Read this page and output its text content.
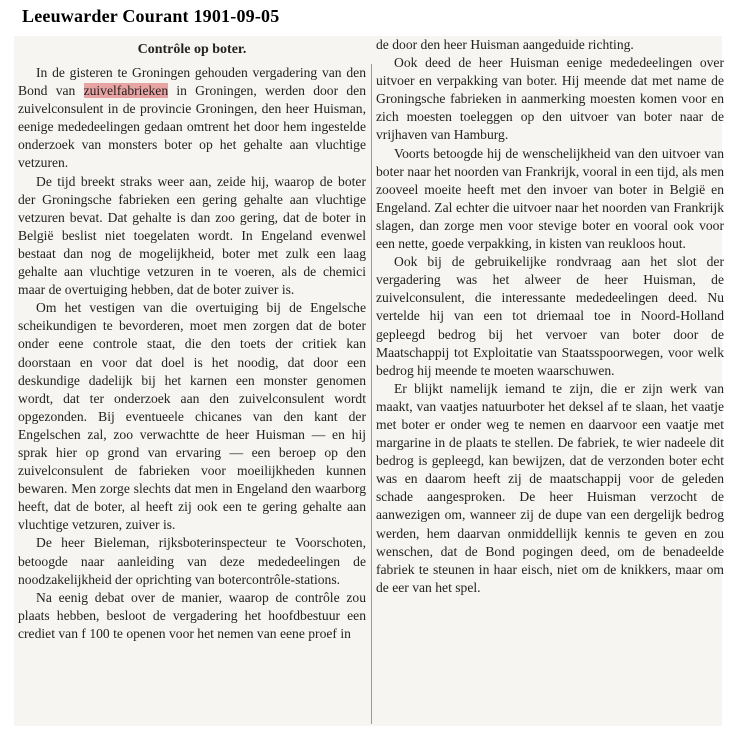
Leeuwarder Courant 1901-09-05
Contrôle op boter.

In de gisteren te Groningen gehouden vergadering van den Bond van zuivelfabrieken in Groningen, werden door den zuivelconsulent in de provincie Groningen, den heer Huisman, eenige mededeelingen gedaan omtrent het door hem ingestelde onderzoek van monsters boter op het gehalte aan vluchtige vetzuren.

De tijd breekt straks weer aan, zeide hij, waarop de boter der Groningsche fabrieken een gering gehalte aan vluchtige vetzuren bevat. Dat gehalte is dan zoo gering, dat de boter in België beslist niet toegelaten wordt. In Engeland evenwel bestaat dan nog de mogelijkheid, boter met zulk een laag gehalte aan vluchtige vetzuren in te voeren, als de chemici maar de overtuiging hebben, dat de boter zuiver is.

Om het vestigen van die overtuiging bij de Engelsche scheikundigen te bevorderen, moet men zorgen dat de boter onder eene controle staat, die den toets der critiek kan doorstaan en voor dat doel is het noodig, dat door een deskundige dadelijk bij het karnen een monster genomen wordt, dat ter onderzoek aan den zuivelconsulent wordt opgezonden. Bij eventueele chicanes van den kant der Engelschen zal, zoo verwachtte de heer Huisman — en hij sprak hier op grond van ervaring — een beroep op den zuivelconsulent de fabrieken voor moeilijkheden kunnen bewaren. Men zorge slechts dat men in Engeland den waarborg heeft, dat de boter, al heeft zij ook een te gering gehalte aan vluchtige vetzuren, zuiver is.

De heer Bieleman, rijksboterinspecteur te Voorschoten, betoogde naar aanleiding van deze mededeelingen de noodzakelijkheid der oprichting van botercontrôle-stations.

Na eenig debat over de manier, waarop de contrôle zou plaats hebben, besloot de vergadering het hoofdbestuur een crediet van f 100 te openen voor het nemen van eene proef in

de door den heer Huisman aangeduide richting.

Ook deed de heer Huisman eenige mededeelingen over uitvoer en verpakking van boter. Hij meende dat met name de Groningsche fabrieken in aanmerking moesten komen voor en zich moesten toeleggen op den uitvoer van boter naar de vrijhaven van Hamburg.

Voorts betoogde hij de wenschelijkheid van den uitvoer van boter naar het noorden van Frankrijk, vooral in een tijd, als men zooveel moeite heeft met den invoer van boter in België en Engeland. Zal echter die uitvoer naar het noorden van Frankrijk slagen, dan zorge men voor stevige boter en vooral ook voor een nette, goede verpakking, in kisten van reukloos hout.

Ook bij de gebruikelijke rondvraag aan het slot der vergadering was het alweer de heer Huisman, de zuivelconsulent, die interessante mededeelingen deed. Nu vertelde hij van een tot driemaal toe in Noord-Holland gepleegd bedrog bij het vervoer van boter door de Maatschappij tot Exploitatie van Staatsspoorwegen, voor welk bedrog hij meende te moeten waarschuwen.

Er blijkt namelijk iemand te zijn, die er zijn werk van maakt, van vaatjes natuurboter het deksel af te slaan, het vaatje met boter er onder weg te nemen en daarvoor een vaatje met margarine in de plaats te stellen. De fabriek, te wier nadeele dit bedrog is gepleegd, kan bewijzen, dat de verzonden boter echt was en daarom heeft zij de maatschappij voor de geleden schade aangesproken. De heer Huisman verzocht de aanwezigen om, wanneer zij de dupe van een dergelijk bedrog werden, hem daarvan onmiddellijk kennis te geven en zou wenschen, dat de Bond pogingen deed, om de benadeelde fabriek te steunen in haar eisch, niet om de knikkers, maar om de eer van het spel.
